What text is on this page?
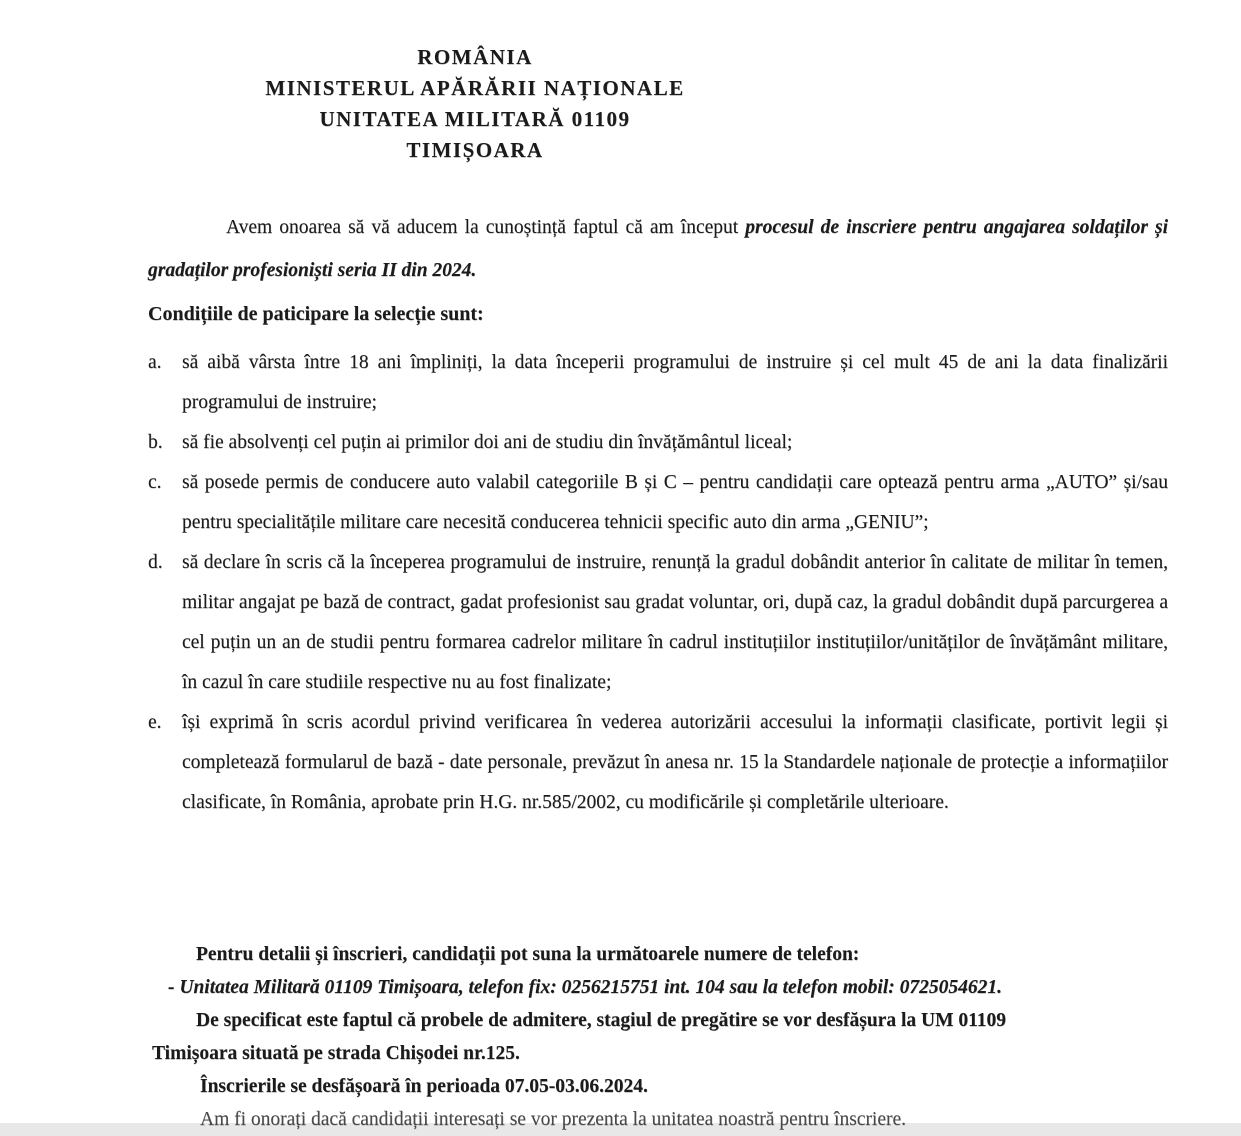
ROMÂNIA
MINISTERUL APĂRĂRII NAȚIONALE
UNITATEA MILITARĂ 01109
TIMIȘOARA

Avem onoarea să vă aducem la cunoștință faptul că am început procesul de inscriere pentru angajarea soldaților și gradaților profesioniști seria II din 2024.

Condițiile de paticipare la selecție sunt:
a. să aibă vârsta între 18 ani împliniți, la data începerii programului de instruire și cel mult 45 de ani la data finalizării programului de instruire;
b. să fie absolvenți cel puțin ai primilor doi ani de studiu din învățământul liceal;
c. să posede permis de conducere auto valabil categoriile B și C – pentru candidații care optează pentru arma „AUTO” și/sau pentru specialitățile militare care necesită conducerea tehnicii specific auto din arma „GENIU”;
d. să declare în scris că la începerea programului de instruire, renunță la gradul dobândit anterior în calitate de militar în temen, militar angajat pe bază de contract, gadat profesionist sau gradat voluntar, ori, după caz, la gradul dobândit după parcurgerea a cel puțin un an de studii pentru formarea cadrelor militare în cadrul instituțiilor instituțiilor/unităților de învățământ militare, în cazul în care studiile respective nu au fost finalizate;
e. își exprimă în scris acordul privind verificarea în vederea autorizării accesului la informații clasificate, portivit legii și completează formularul de bază - date personale, prevăzut în anesa nr. 15 la Standardele naționale de protecție a informațiilor clasificate, în România, aprobate prin H.G. nr.585/2002, cu modificările și completările ulterioare.
Pentru detalii și înscrieri, candidații pot suna la următoarele numere de telefon:
- Unitatea Militară 01109 Timișoara, telefon fix: 0256215751 int. 104 sau la telefon mobil: 0725054621.
De specificat este faptul că probele de admitere, stagiul de pregătire se vor desfășura la UM 01109
Timișoara situată pe strada Chișodei nr.125.
Înscrierile se desfășoară în perioada 07.05-03.06.2024.
Am fi onorați dacă candidații interesați se vor prezenta la unitatea noastră pentru înscriere.
